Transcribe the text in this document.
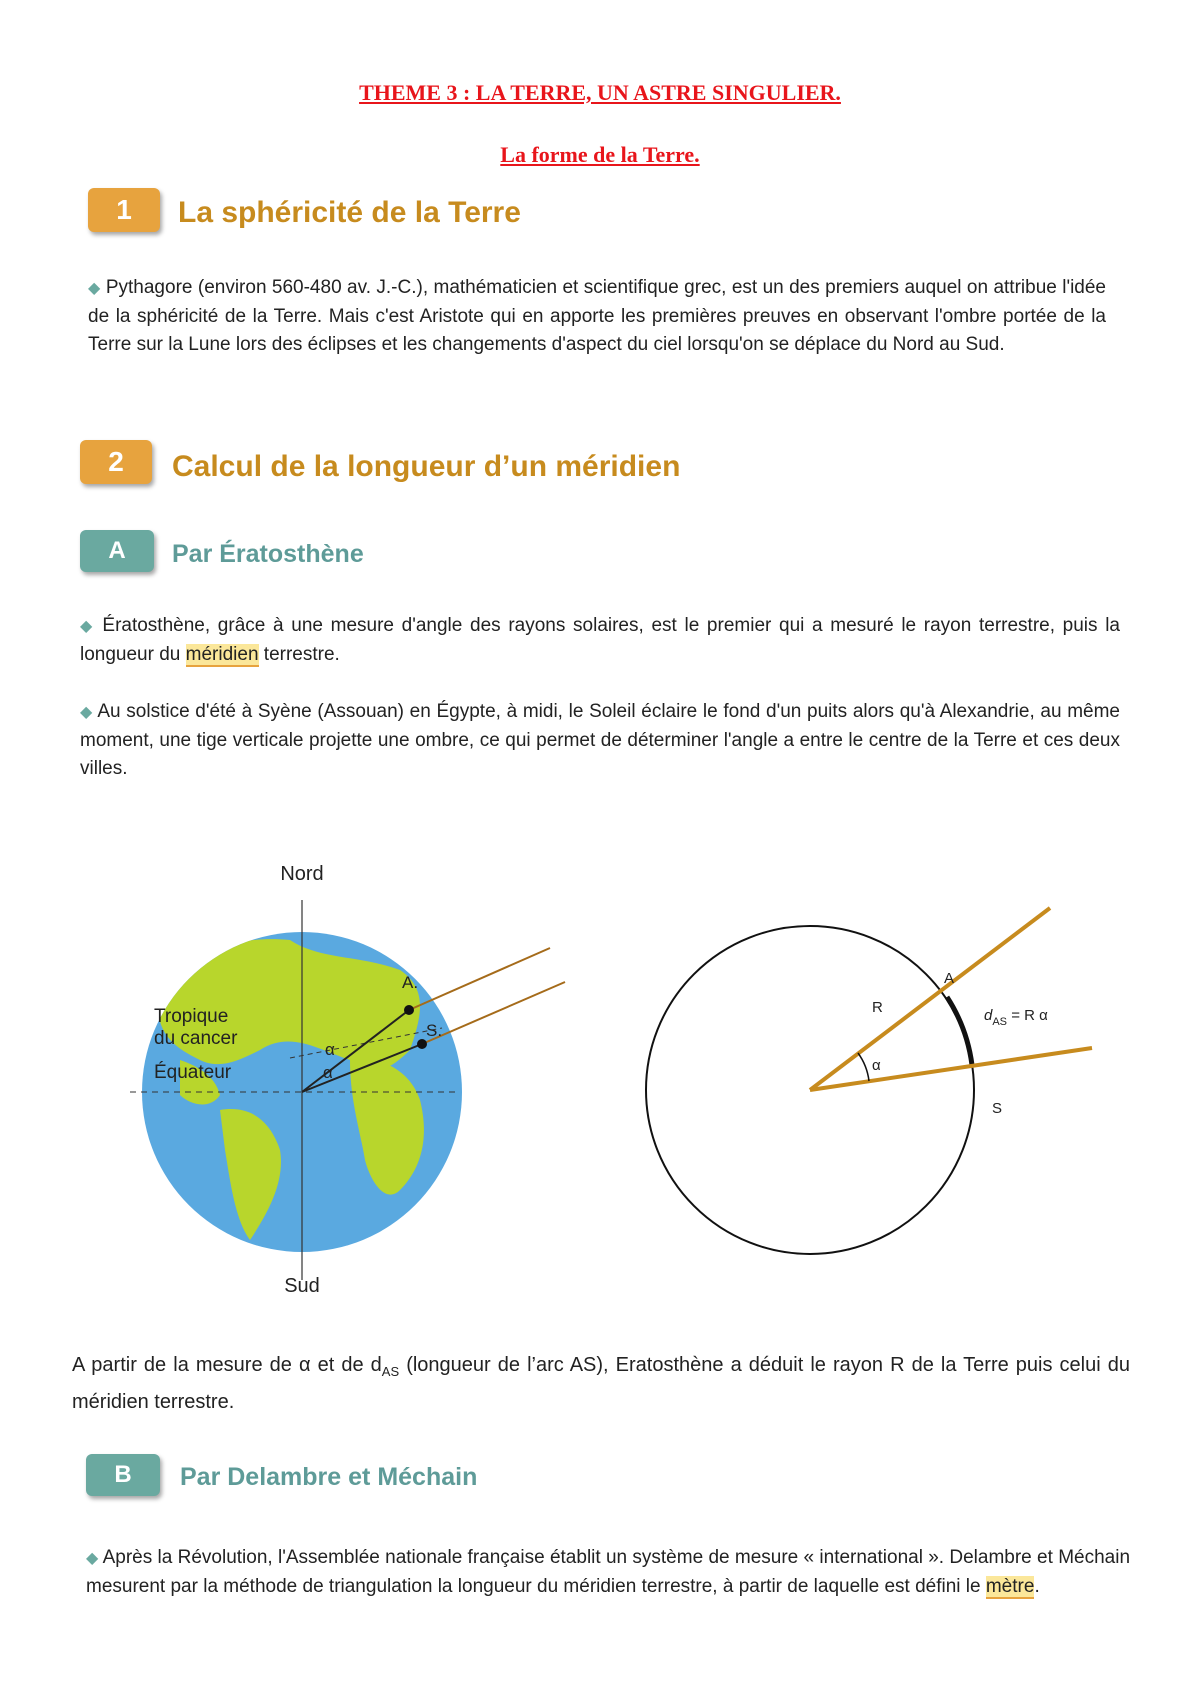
THEME 3 : LA TERRE, UN ASTRE SINGULIER.
La forme de la Terre.
1	La sphéricité de la Terre
◆ Pythagore (environ 560-480 av. J.-C.), mathématicien et scientifique grec, est un des premiers auquel on attribue l'idée de la sphéricité de la Terre. Mais c'est Aristote qui en apporte les premières preuves en observant l'ombre portée de la Terre sur la Lune lors des éclipses et les changements d'aspect du ciel lorsqu'on se déplace du Nord au Sud.
2	Calcul de la longueur d’un méridien
A	Par Ératosthène
◆ Ératosthène, grâce à une mesure d'angle des rayons solaires, est le premier qui a mesuré le rayon terrestre, puis la longueur du méridien terrestre.
◆ Au solstice d'été à Syène (Assouan) en Égypte, à midi, le Soleil éclaire le fond d'un puits alors qu'à Alexandrie, au même moment, une tige verticale projette une ombre, ce qui permet de déterminer l'angle a entre le centre de la Terre et ces deux villes.
Nord
A.
S.
Tropique
du cancer
Équateur
α
α
Sud
α
R
A
S
$d_{AS} = R$ α
A partir de la mesure de α et de $d_{AS}$ (longueur de l’arc AS), Eratosthène a déduit le rayon R de la Terre puis celui du méridien terrestre.
B	Par Delambre et Méchain
◆ Après la Révolution, l'Assemblée nationale française établit un système de mesure « international ». Delambre et Méchain mesurent par la méthode de triangulation la longueur du méridien terrestre, à partir de laquelle est défini le mètre.
